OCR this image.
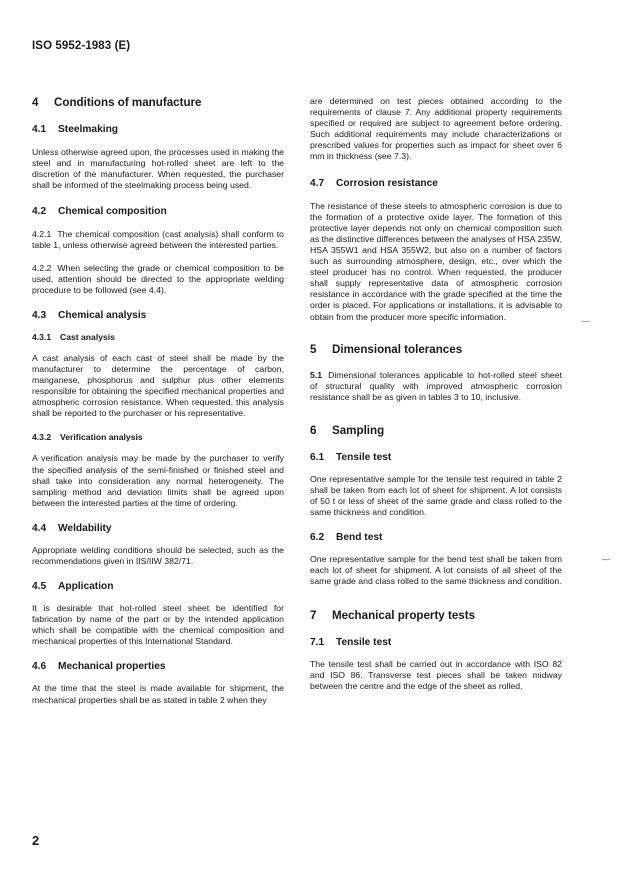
ISO 5952-1983 (E)
4	Conditions of manufacture
4.1	Steelmaking

Unless otherwise agreed upon, the processes used in making the steel and in manufacturing hot-rolled sheet are left to the discretion of the manufacturer. When requested, the purchaser shall be informed of the steelmaking process being used.

4.2	Chemical composition

4.2.1 The chemical composition (cast analysis) shall conform to table 1, unless otherwise agreed between the interested parties.

4.2.2 When selecting the grade or chemical composition to be used, attention should be directed to the appropriate welding procedure to be followed (see 4.4).

4.3	Chemical analysis
4.3.1	Cast analysis

A cast analysis of each cast of steel shall be made by the manufacturer to determine the percentage of carbon, manganese, phosphorus and sulphur plus other elements responsible for obtaining the specified mechanical properties and atmospheric corrosion resistance. When requested, this analysis shall be reported to the purchaser or his representative.

4.3.2	Verification analysis

A verification analysis may be made by the purchaser to verify the specified analysis of the semi-finished or finished steel and shall take into consideration any normal heterogeneity. The sampling method and deviation limits shall be agreed upon between the interested parties at the time of ordering.

4.4	Weldability

Appropriate welding conditions should be selected, such as the recommendations given in IIS/IIW 382/71.

4.5	Application

It is desirable that hot-rolled steel sheet be identified for fabrication by name of the part or by the intended application which shall be compatible with the chemical composition and mechanical properties of this International Standard.

4.6	Mechanical properties

At the time that the steel is made available for shipment, the mechanical properties shall be as stated in table 2 when they

are determined on test pieces obtained according to the requirements of clause 7. Any additional property requirements specified or required are subject to agreement before ordering. Such additional requirements may include characterizations or prescribed values for properties such as impact for sheet over 6 mm in thickness (see 7.3).

4.7	Corrosion resistance

The resistance of these steels to atmospheric corrosion is due to the formation of a protective oxide layer. The formation of this protective layer depends not only on chemical composition such as the distinctive differences between the analyses of HSA 235W, HSA 355W1 and HSA 355W2, but also on a number of factors such as surrounding atmosphere, design, etc., over which the steel producer has no control. When requested, the producer shall supply representative data of atmospheric corrosion resistance in accordance with the grade specified at the time the order is placed. For applications or installations, it is advisable to obtain from the producer more specific information.

5	Dimensional tolerances

5.1 Dimensional tolerances applicable to hot-rolled steel sheet of structural quality with improved atmospheric corrosion resistance shall be as given in tables 3 to 10, inclusive.

6	Sampling
6.1	Tensile test

One representative sample for the tensile test required in table 2 shall be taken from each lot of sheet for shipment. A lot consists of 50 t or less of sheet of the same grade and class rolled to the same thickness and condition.

6.2	Bend test

One representative sample for the bend test shall be taken from each lot of sheet for shipment. A lot consists of all sheet of the same grade and class rolled to the same thickness and condition.

7	Mechanical property tests
7.1	Tensile test

The tensile test shall be carried out in accordance with ISO 82 and ISO 86. Transverse test pieces shall be taken midway between the centre and the edge of the sheet as rolled.

‿
‿
2
